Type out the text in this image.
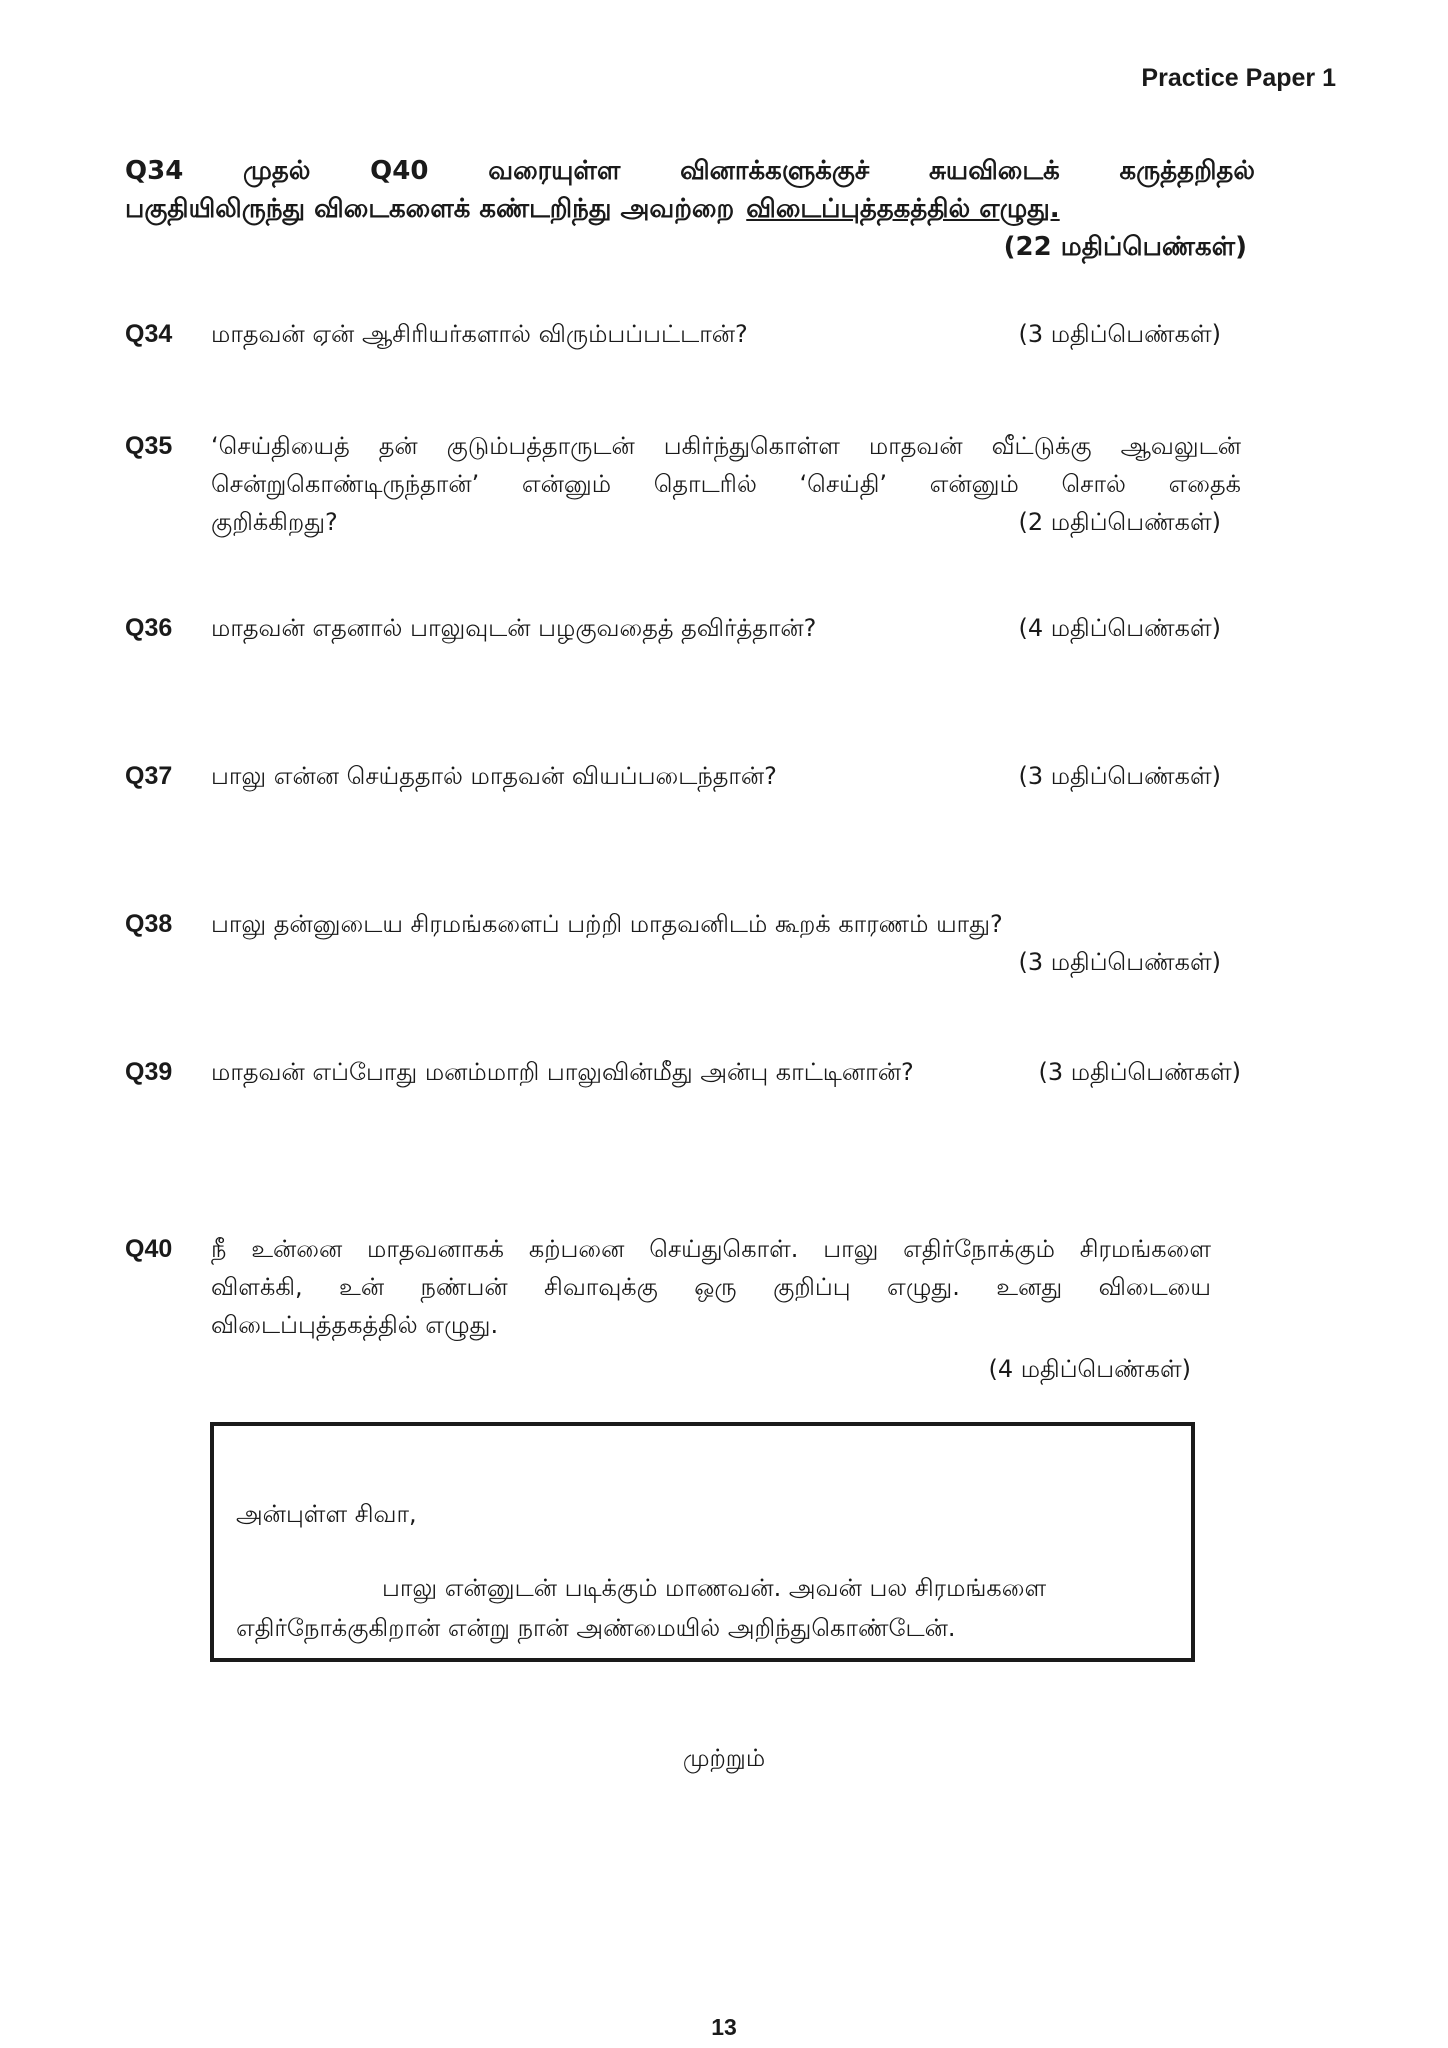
Practice Paper 1
Q34 முதல் Q40 வரையுள்ள வினாக்களுக்குச் சுயவிடைக் கருத்தறிதல்
பகுதியிலிருந்து விடைகளைக் கண்டறிந்து அவற்றை விடைப்புத்தகத்தில் எழுது.
(22 மதிப்பெண்கள்)
Q34 மாதவன் ஏன் ஆசிரியர்களால் விரும்பப்பட்டான்?	(3 மதிப்பெண்கள்)
Q35 ‘செய்தியைத் தன் குடும்பத்தாருடன் பகிர்ந்துகொள்ள மாதவன் வீட்டுக்கு ஆவலுடன்
சென்றுகொண்டிருந்தான்’ என்னும் தொடரில் ‘செய்தி’ என்னும் சொல் எதைக்
குறிக்கிறது?	(2 மதிப்பெண்கள்)
Q36 மாதவன் எதனால் பாலுவுடன் பழகுவதைத் தவிர்த்தான்?	(4 மதிப்பெண்கள்)
Q37 பாலு என்ன செய்ததால் மாதவன் வியப்படைந்தான்?	(3 மதிப்பெண்கள்)
Q38 பாலு தன்னுடைய சிரமங்களைப் பற்றி மாதவனிடம் கூறக் காரணம் யாது?
(3 மதிப்பெண்கள்)
Q39 மாதவன் எப்போது மனம்மாறி பாலுவின்மீது அன்பு காட்டினான்?	(3 மதிப்பெண்கள்)
Q40 நீ உன்னை மாதவனாகக் கற்பனை செய்துகொள். பாலு எதிர்நோக்கும் சிரமங்களை
விளக்கி, உன் நண்பன் சிவாவுக்கு ஒரு குறிப்பு எழுது. உனது விடையை
விடைப்புத்தகத்தில் எழுது.
(4 மதிப்பெண்கள்)
அன்புள்ள சிவா,
பாலு என்னுடன் படிக்கும் மாணவன். அவன் பல சிரமங்களை
எதிர்நோக்குகிறான் என்று நான் அண்மையில் அறிந்துகொண்டேன்.
முற்றும்
13
